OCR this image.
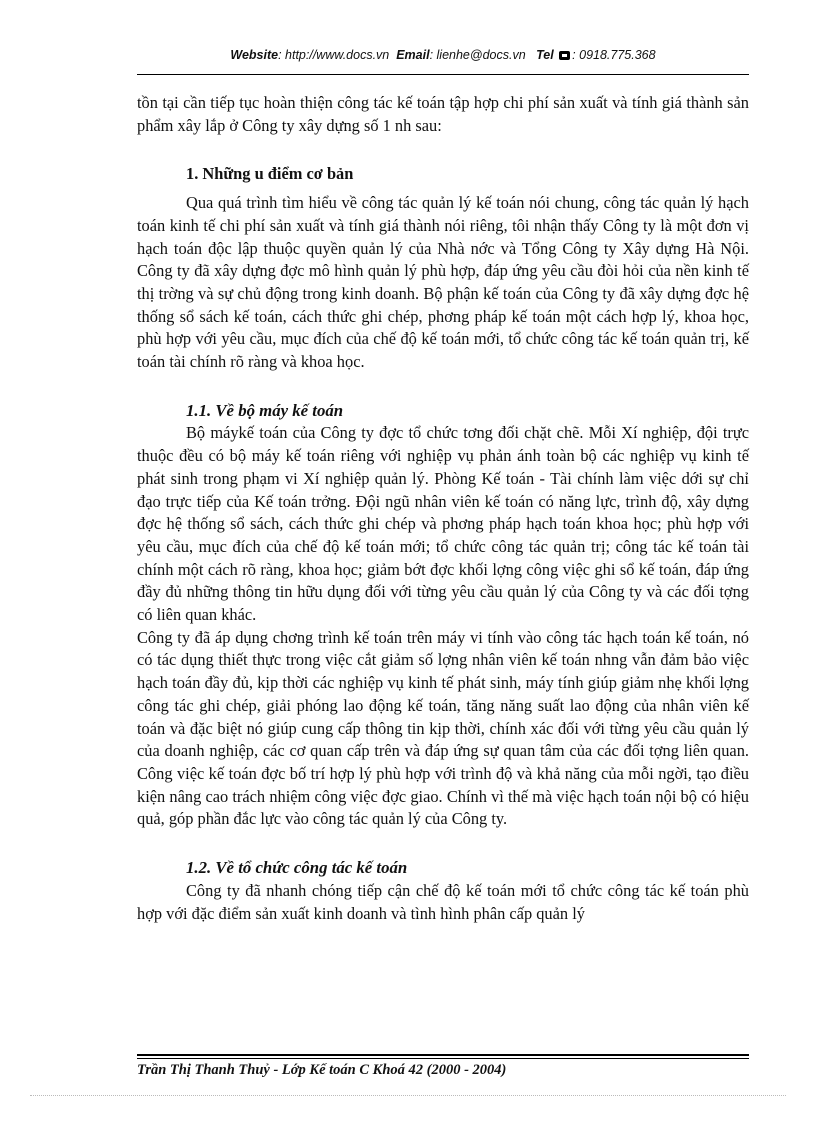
Website: http://www.docs.vn Email: lienhe@docs.vn Tel : 0918.775.368

tồn tại cần tiếp tục hoàn thiện công tác kế toán tập hợp chi phí sản xuất và tính giá thành sản phẩm xây lắp ở Công ty xây dựng số 1 nh sau:

1. Những u điểm cơ bản

Qua quá trình tìm hiểu về công tác quản lý kế toán nói chung, công tác quản lý hạch toán kinh tế chi phí sản xuất và tính giá thành nói riêng, tôi nhận thấy Công ty là một đơn vị hạch toán độc lập thuộc quyền quản lý của Nhà nớc và Tổng Công ty Xây dựng Hà Nội. Công ty đã xây dựng đợc mô hình quản lý phù hợp, đáp ứng yêu cầu đòi hỏi của nền kinh tế thị trờng và sự chủ động trong kinh doanh. Bộ phận kế toán của Công ty đã xây dựng đợc hệ thống sổ sách kế toán, cách thức ghi chép, phơng pháp kế toán một cách hợp lý, khoa học, phù hợp với yêu cầu, mục đích của chế độ kế toán mới, tổ chức công tác kế toán quản trị, kế toán tài chính rõ ràng và khoa học.

1.1. Về bộ máy kế toán

Bộ máykế toán của Công ty đợc tổ chức tơng đối chặt chẽ. Mỗi Xí nghiệp, đội trực thuộc đều có bộ máy kế toán riêng với nghiệp vụ phản ánh toàn bộ các nghiệp vụ kinh tế phát sinh trong phạm vi Xí nghiệp quản lý. Phòng Kế toán - Tài chính làm việc dới sự chỉ đạo trực tiếp của Kế toán trởng. Đội ngũ nhân viên kế toán có năng lực, trình độ, xây dựng đợc hệ thống sổ sách, cách thức ghi chép và phơng pháp hạch toán khoa học; phù hợp với yêu cầu, mục đích của chế độ kế toán mới; tổ chức công tác quản trị; công tác kế toán tài chính một cách rõ ràng, khoa học; giảm bớt đợc khối lợng công việc ghi sổ kế toán, đáp ứng đầy đủ những thông tin hữu dụng đối với từng yêu cầu quản lý của Công ty và các đối tợng có liên quan khác.

Công ty đã áp dụng chơng trình kế toán trên máy vi tính vào công tác hạch toán kế toán, nó có tác dụng thiết thực trong việc cắt giảm số lợng nhân viên kế toán nhng vẫn đảm bảo việc hạch toán đầy đủ, kịp thời các nghiệp vụ kinh tế phát sinh, máy tính giúp giảm nhẹ khối lợng công tác ghi chép, giải phóng lao động kế toán, tăng năng suất lao động của nhân viên kế toán và đặc biệt nó giúp cung cấp thông tin kịp thời, chính xác đối với từng yêu cầu quản lý của doanh nghiệp, các cơ quan cấp trên và đáp ứng sự quan tâm của các đối tợng liên quan. Công việc kế toán đợc bố trí hợp lý phù hợp với trình độ và khả năng của mỗi ngời, tạo điều kiện nâng cao trách nhiệm công việc đợc giao. Chính vì thế mà việc hạch toán nội bộ có hiệu quả, góp phần đắc lực vào công tác quản lý của Công ty.

1.2. Về tổ chức công tác kế toán

Công ty đã nhanh chóng tiếp cận chế độ kế toán mới tổ chức công tác kế toán phù hợp với đặc điểm sản xuất kinh doanh và tình hình phân cấp quản lý

Trần Thị Thanh Thuỷ - Lớp Kế toán C Khoá 42 (2000 - 2004)
